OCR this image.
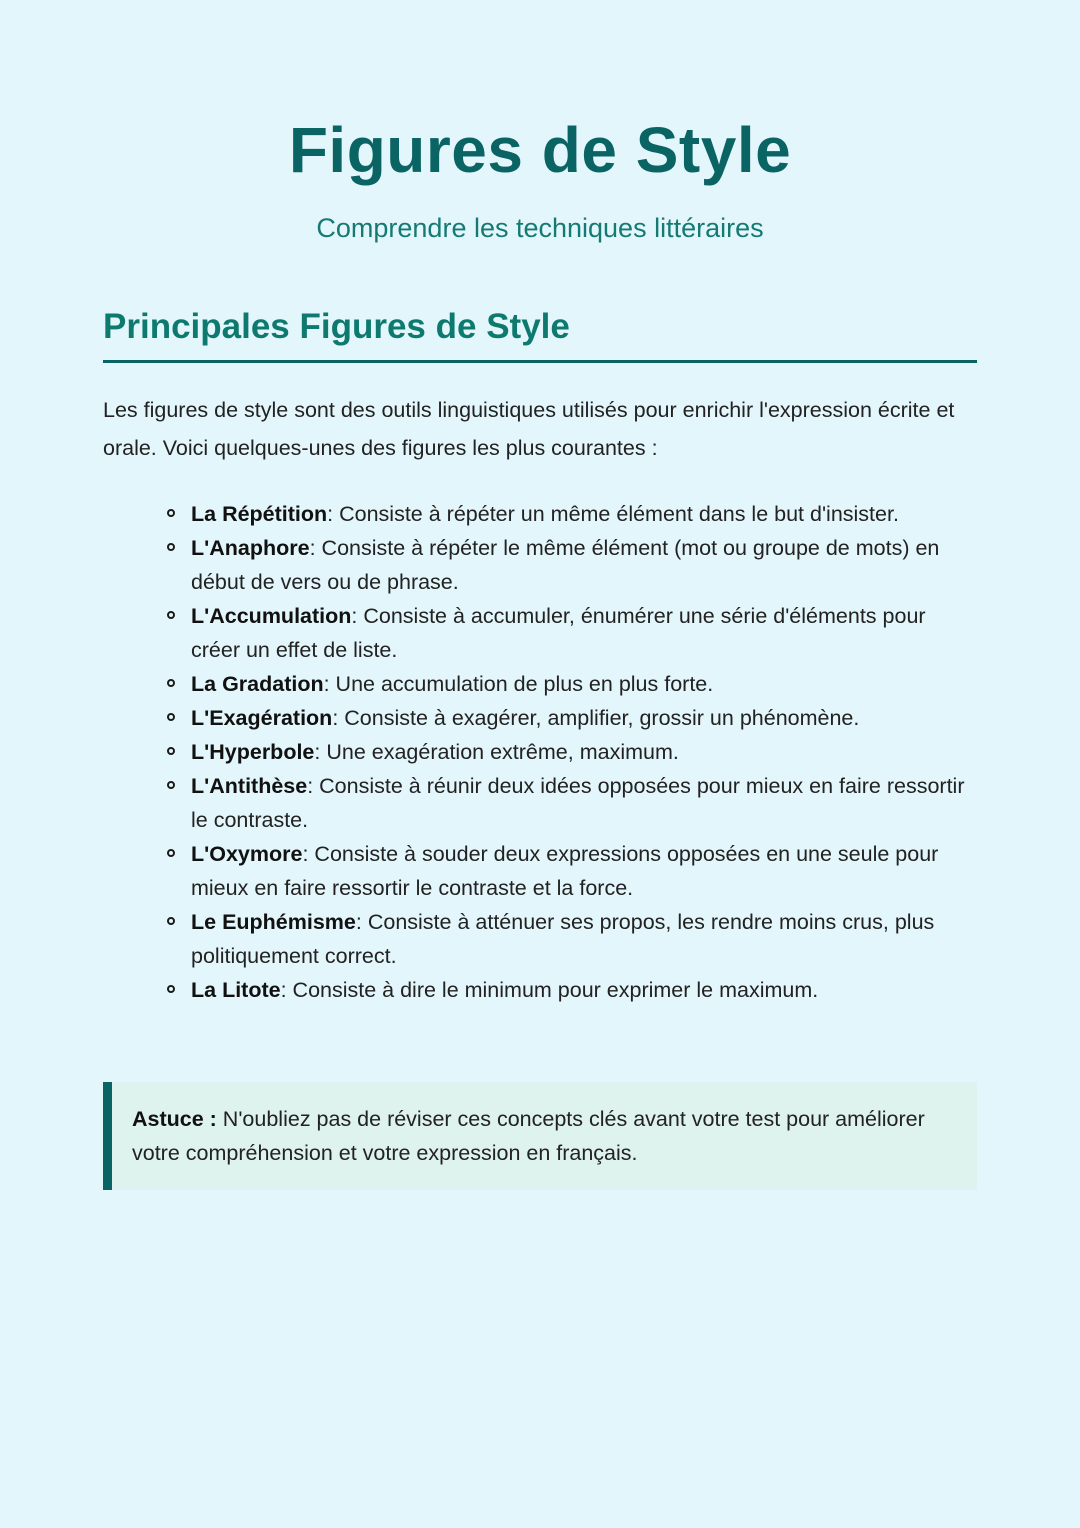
Figures de Style

Comprendre les techniques littéraires

Principales Figures de Style

Les figures de style sont des outils linguistiques utilisés pour enrichir l'expression écrite et orale. Voici quelques-unes des figures les plus courantes :

La Répétition: Consiste à répéter un même élément dans le but d'insister.
L'Anaphore: Consiste à répéter le même élément (mot ou groupe de mots) en début de vers ou de phrase.
L'Accumulation: Consiste à accumuler, énumérer une série d'éléments pour créer un effet de liste.
La Gradation: Une accumulation de plus en plus forte.
L'Exagération: Consiste à exagérer, amplifier, grossir un phénomène.
L'Hyperbole: Une exagération extrême, maximum.
L'Antithèse: Consiste à réunir deux idées opposées pour mieux en faire ressortir le contraste.
L'Oxymore: Consiste à souder deux expressions opposées en une seule pour mieux en faire ressortir le contraste et la force.
Le Euphémisme: Consiste à atténuer ses propos, les rendre moins crus, plus politiquement correct.
La Litote: Consiste à dire le minimum pour exprimer le maximum.
Astuce : N'oubliez pas de réviser ces concepts clés avant votre test pour améliorer votre compréhension et votre expression en français.
